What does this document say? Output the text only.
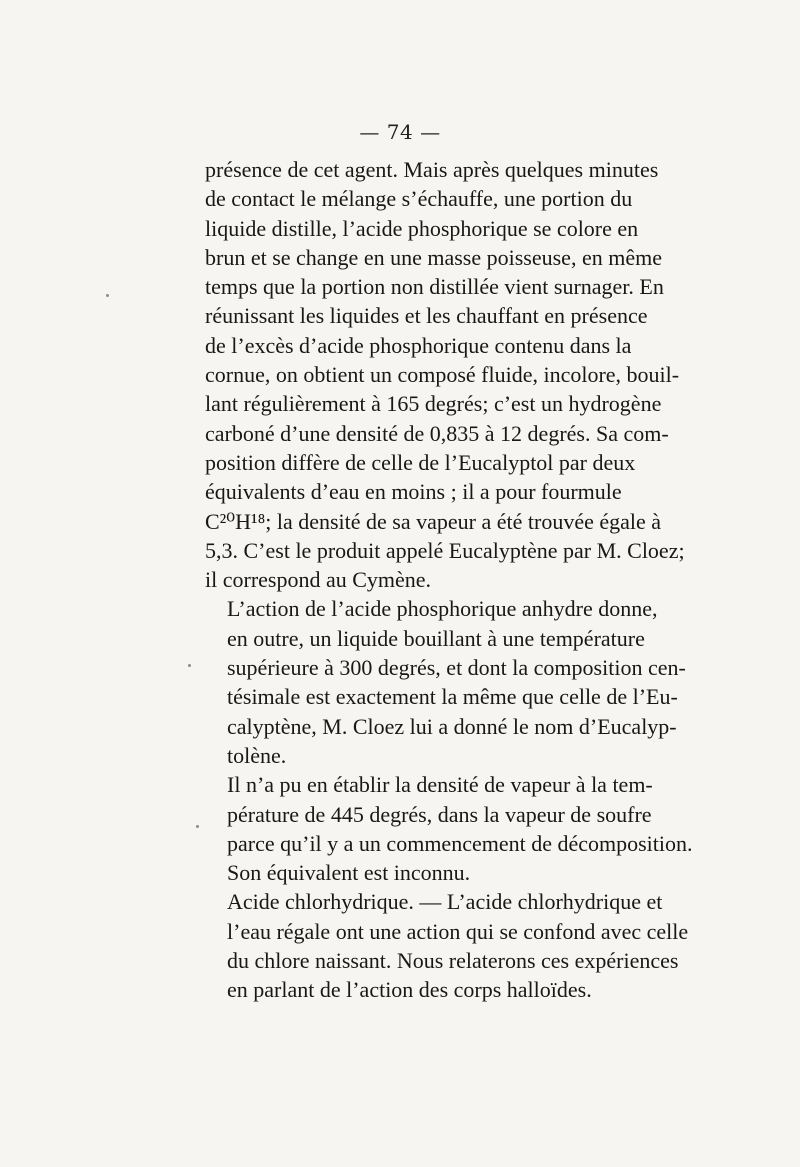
— 74 —

présence de cet agent. Mais après quelques minutes
de contact le mélange s’échauffe, une portion du
liquide distille, l’acide phosphorique se colore en
brun et se change en une masse poisseuse, en même
temps que la portion non distillée vient surnager. En
réunissant les liquides et les chauffant en présence
de l’excès d’acide phosphorique contenu dans la
cornue, on obtient un composé fluide, incolore, bouil-
lant régulièrement à 165 degrés; c’est un hydrogène
carboné d’une densité de 0,835 à 12 degrés. Sa com-
position diffère de celle de l’Eucalyptol par deux
équivalents d’eau en moins ; il a pour fourmule
C²⁰H¹⁸; la densité de sa vapeur a été trouvée égale à
5,3. C’est le produit appelé Eucalyptène par M. Cloez;
il correspond au Cymène.

L’action de l’acide phosphorique anhydre donne,
en outre, un liquide bouillant à une température
supérieure à 300 degrés, et dont la composition cen-
tésimale est exactement la même que celle de l’Eu-
calyptène, M. Cloez lui a donné le nom d’Eucalyp-
tolène.

Il n’a pu en établir la densité de vapeur à la tem-
pérature de 445 degrés, dans la vapeur de soufre
parce qu’il y a un commencement de décomposition.
Son équivalent est inconnu.

Acide chlorhydrique. — L’acide chlorhydrique et
l’eau régale ont une action qui se confond avec celle
du chlore naissant. Nous relaterons ces expériences
en parlant de l’action des corps halloïdes.
